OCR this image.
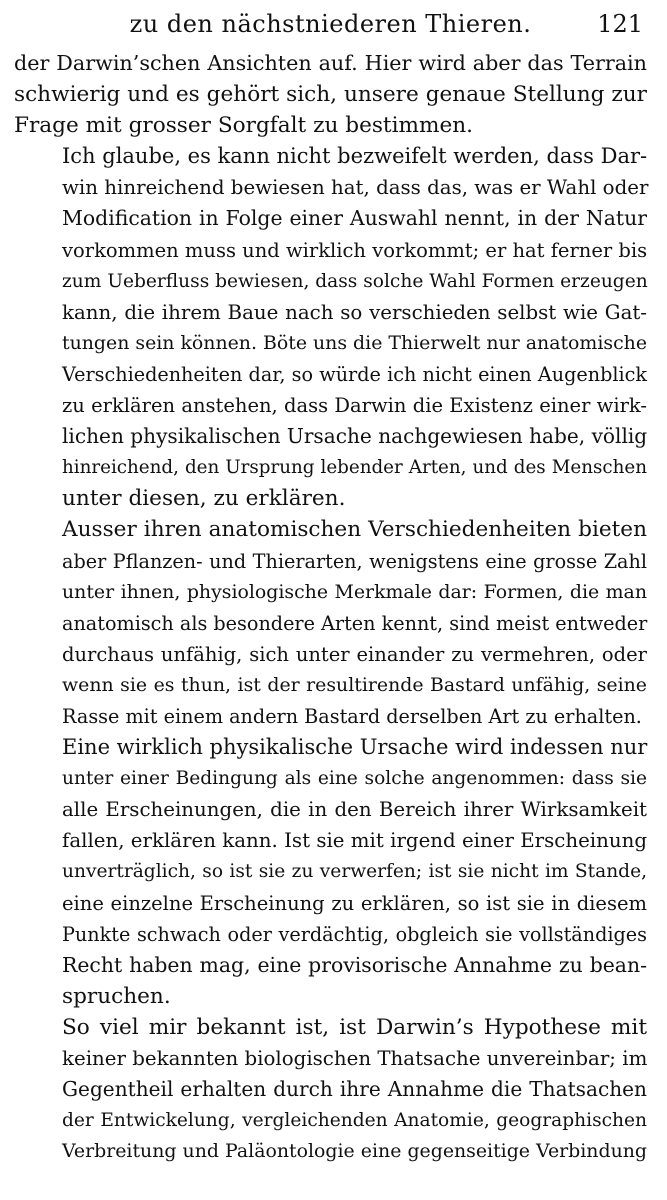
zu den nächstniederen Thieren.	121

der Darwin’schen Ansichten auf. Hier wird aber das Terrain
schwierig und es gehört sich, unsere genaue Stellung zur
Frage mit grosser Sorgfalt zu bestimmen.

Ich glaube, es kann nicht bezweifelt werden, dass Dar-
win hinreichend bewiesen hat, dass das, was er Wahl oder
Modification in Folge einer Auswahl nennt, in der Natur
vorkommen muss und wirklich vorkommt; er hat ferner bis
zum Ueberfluss bewiesen, dass solche Wahl Formen erzeugen
kann, die ihrem Baue nach so verschieden selbst wie Gat-
tungen sein können. Böte uns die Thierwelt nur anatomische
Verschiedenheiten dar, so würde ich nicht einen Augenblick
zu erklären anstehen, dass Darwin die Existenz einer wirk-
lichen physikalischen Ursache nachgewiesen habe, völlig
hinreichend, den Ursprung lebender Arten, und des Menschen
unter diesen, zu erklären.

Ausser ihren anatomischen Verschiedenheiten bieten
aber Pflanzen- und Thierarten, wenigstens eine grosse Zahl
unter ihnen, physiologische Merkmale dar: Formen, die man
anatomisch als besondere Arten kennt, sind meist entweder
durchaus unfähig, sich unter einander zu vermehren, oder
wenn sie es thun, ist der resultirende Bastard unfähig, seine
Rasse mit einem andern Bastard derselben Art zu erhalten.

Eine wirklich physikalische Ursache wird indessen nur
unter einer Bedingung als eine solche angenommen: dass sie
alle Erscheinungen, die in den Bereich ihrer Wirksamkeit
fallen, erklären kann. Ist sie mit irgend einer Erscheinung
unverträglich, so ist sie zu verwerfen; ist sie nicht im Stande,
eine einzelne Erscheinung zu erklären, so ist sie in diesem
Punkte schwach oder verdächtig, obgleich sie vollständiges
Recht haben mag, eine provisorische Annahme zu bean-
spruchen.

So viel mir bekannt ist, ist Darwin’s Hypothese mit
keiner bekannten biologischen Thatsache unvereinbar; im
Gegentheil erhalten durch ihre Annahme die Thatsachen
der Entwickelung, vergleichenden Anatomie, geographischen
Verbreitung und Paläontologie eine gegenseitige Verbindung
